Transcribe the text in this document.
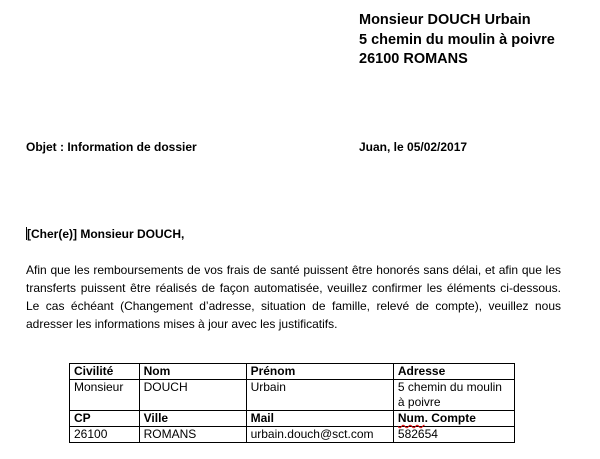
Monsieur DOUCH Urbain
5 chemin du moulin à poivre
26100 ROMANS
Objet : Information de dossier	Juan, le 05/02/2017
[Cher(e)] Monsieur DOUCH,
Afin que les remboursements de vos frais de santé puissent être honorés sans délai, et afin que les transferts puissent être réalisés de façon automatisée, veuillez confirmer les éléments ci-dessous. Le cas échéant (Changement d’adresse, situation de famille, relevé de compte), veuillez nous adresser les informations mises à jour avec les justificatifs.
Civilité	Nom	Prénom	Adresse
Monsieur	DOUCH	Urbain	5 chemin du moulin à poivre
CP	Ville	Mail	Num. Compte
26100	ROMANS	urbain.douch@sct.com	582654
